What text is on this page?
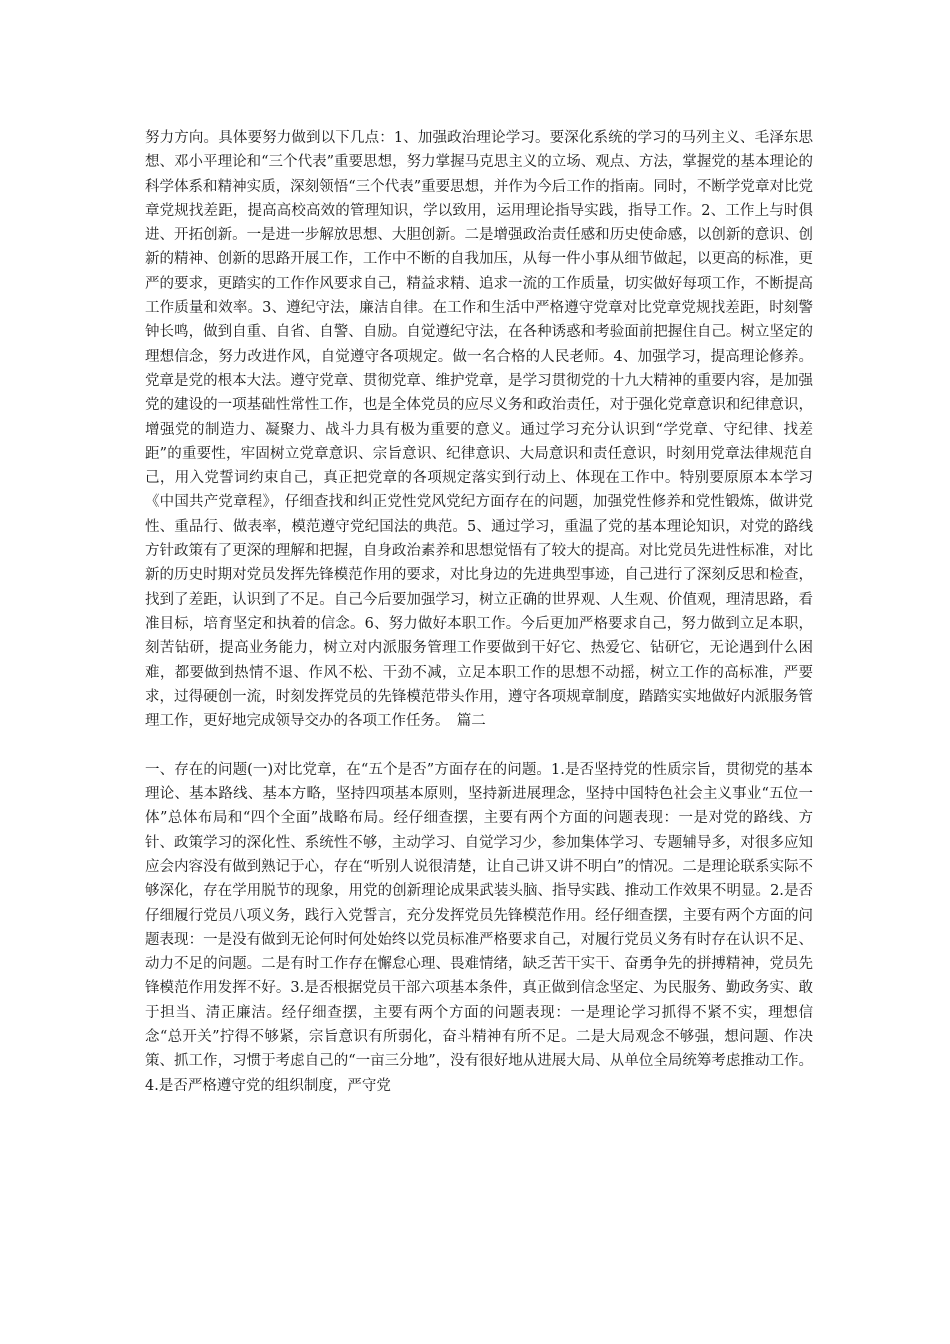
努力方向。具体要努力做到以下几点：1、加强政治理论学习。要深化系统的学习的马列主义、毛泽东思想、邓小平理论和“三个代表”重要思想，努力掌握马克思主义的立场、观点、方法，掌握党的基本理论的科学体系和精神实质，深刻领悟“三个代表”重要思想，并作为今后工作的指南。同时，不断学党章对比党章党规找差距，提高高校高效的管理知识，学以致用，运用理论指导实践，指导工作。2、工作上与时俱进、开拓创新。一是进一步解放思想、大胆创新。二是增强政治责任感和历史使命感，以创新的意识、创新的精神、创新的思路开展工作，工作中不断的自我加压，从每一件小事从细节做起，以更高的标准，更严的要求，更踏实的工作作风要求自己，精益求精、追求一流的工作质量，切实做好每项工作，不断提高工作质量和效率。3、遵纪守法，廉洁自律。在工作和生活中严格遵守党章对比党章党规找差距，时刻警钟长鸣，做到自重、自省、自警、自励。自觉遵纪守法，在各种诱惑和考验面前把握住自己。树立坚定的理想信念，努力改进作风，自觉遵守各项规定。做一名合格的人民老师。4、加强学习，提高理论修养。党章是党的根本大法。遵守党章、贯彻党章、维护党章，是学习贯彻党的十九大精神的重要内容，是加强党的建设的一项基础性常性工作，也是全体党员的应尽义务和政治责任，对于强化党章意识和纪律意识，增强党的制造力、凝聚力、战斗力具有极为重要的意义。通过学习充分认识到“学党章、守纪律、找差距”的重要性，牢固树立党章意识、宗旨意识、纪律意识、大局意识和责任意识，时刻用党章法律规范自己，用入党誓词约束自己，真正把党章的各项规定落实到行动上、体现在工作中。特别要原原本本学习《中国共产党章程》，仔细查找和纠正党性党风党纪方面存在的问题，加强党性修养和党性锻炼，做讲党性、重品行、做表率，模范遵守党纪国法的典范。5、通过学习，重温了党的基本理论知识，对党的路线方针政策有了更深的理解和把握，自身政治素养和思想觉悟有了较大的提高。对比党员先进性标准，对比新的历史时期对党员发挥先锋模范作用的要求，对比身边的先进典型事迹，自己进行了深刻反思和检查，找到了差距，认识到了不足。自己今后要加强学习，树立正确的世界观、人生观、价值观，理清思路，看准目标，培育坚定和执着的信念。6、努力做好本职工作。今后更加严格要求自己，努力做到立足本职，刻苦钻研，提高业务能力，树立对内派服务管理工作要做到干好它、热爱它、钻研它，无论遇到什么困难，都要做到热情不退、作风不松、干劲不减，立足本职工作的思想不动摇，树立工作的高标准，严要求，过得硬创一流，时刻发挥党员的先锋模范带头作用，遵守各项规章制度，踏踏实实地做好内派服务管理工作，更好地完成领导交办的各项工作任务。　篇二

一、存在的问题(一)对比党章，在“五个是否”方面存在的问题。1.是否坚持党的性质宗旨，贯彻党的基本理论、基本路线、基本方略，坚持四项基本原则，坚持新进展理念，坚持中国特色社会主义事业“五位一体”总体布局和“四个全面”战略布局。经仔细查摆，主要有两个方面的问题表现：一是对党的路线、方针、政策学习的深化性、系统性不够，主动学习、自觉学习少，参加集体学习、专题辅导多，对很多应知应会内容没有做到熟记于心，存在“听别人说很清楚，让自己讲又讲不明白”的情况。二是理论联系实际不够深化，存在学用脱节的现象，用党的创新理论成果武装头脑、指导实践、推动工作效果不明显。2.是否仔细履行党员八项义务，践行入党誓言，充分发挥党员先锋模范作用。经仔细查摆，主要有两个方面的问题表现：一是没有做到无论何时何处始终以党员标准严格要求自己，对履行党员义务有时存在认识不足、动力不足的问题。二是有时工作存在懈怠心理、畏难情绪，缺乏苦干实干、奋勇争先的拼搏精神，党员先锋模范作用发挥不好。3.是否根据党员干部六项基本条件，真正做到信念坚定、为民服务、勤政务实、敢于担当、清正廉洁。经仔细查摆，主要有两个方面的问题表现：一是理论学习抓得不紧不实，理想信念“总开关”拧得不够紧，宗旨意识有所弱化，奋斗精神有所不足。二是大局观念不够强，想问题、作决策、抓工作，习惯于考虑自己的“一亩三分地”，没有很好地从进展大局、从单位全局统筹考虑推动工作。4.是否严格遵守党的组织制度，严守党
